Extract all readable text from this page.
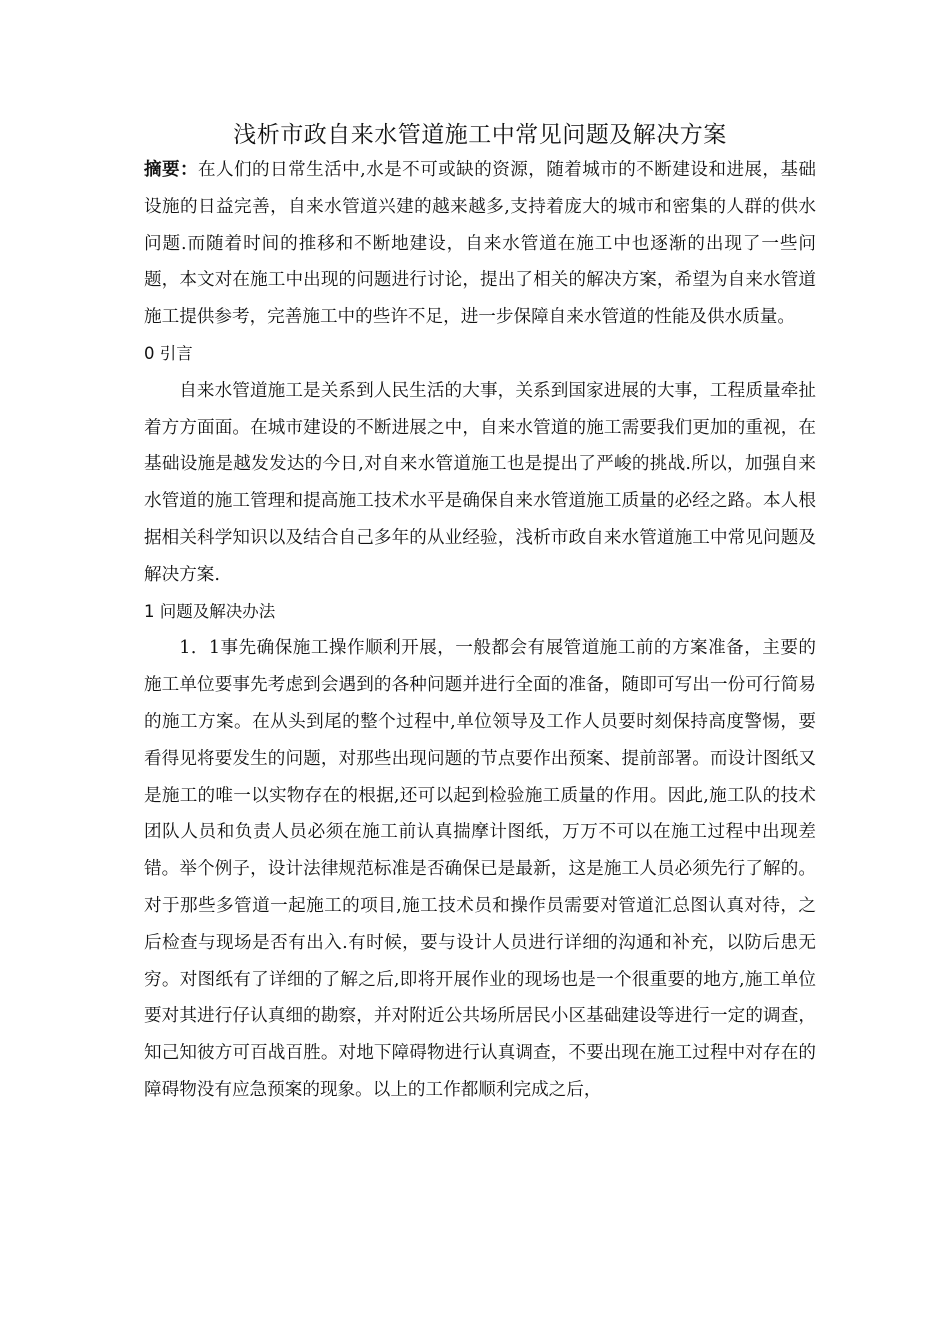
浅析市政自来水管道施工中常见问题及解决方案

摘要：在人们的日常生活中,水是不可或缺的资源，随着城市的不断建设和进展，基础设施的日益完善，自来水管道兴建的越来越多,支持着庞大的城市和密集的人群的供水问题.而随着时间的推移和不断地建设，自来水管道在施工中也逐渐的出现了一些问题，本文对在施工中出现的问题进行讨论，提出了相关的解决方案，希望为自来水管道施工提供参考，完善施工中的些许不足，进一步保障自来水管道的性能及供水质量。

0 引言

自来水管道施工是关系到人民生活的大事，关系到国家进展的大事，工程质量牵扯着方方面面。在城市建设的不断进展之中，自来水管道的施工需要我们更加的重视，在基础设施是越发发达的今日,对自来水管道施工也是提出了严峻的挑战.所以，加强自来水管道的施工管理和提高施工技术水平是确保自来水管道施工质量的必经之路。本人根据相关科学知识以及结合自己多年的从业经验，浅析市政自来水管道施工中常见问题及解决方案.

1 问题及解决办法

1．1事先确保施工操作顺利开展，一般都会有展管道施工前的方案准备，主要的施工单位要事先考虑到会遇到的各种问题并进行全面的准备，随即可写出一份可行简易的施工方案。在从头到尾的整个过程中,单位领导及工作人员要时刻保持高度警惕，要看得见将要发生的问题，对那些出现问题的节点要作出预案、提前部署。而设计图纸又是施工的唯一以实物存在的根据,还可以起到检验施工质量的作用。因此,施工队的技术团队人员和负责人员必须在施工前认真揣摩计图纸，万万不可以在施工过程中出现差错。举个例子，设计法律规范标准是否确保已是最新，这是施工人员必须先行了解的。对于那些多管道一起施工的项目,施工技术员和操作员需要对管道汇总图认真对待，之后检查与现场是否有出入.有时候，要与设计人员进行详细的沟通和补充，以防后患无穷。对图纸有了详细的了解之后,即将开展作业的现场也是一个很重要的地方,施工单位要对其进行仔认真细的勘察，并对附近公共场所居民小区基础建设等进行一定的调查，知己知彼方可百战百胜。对地下障碍物进行认真调查，不要出现在施工过程中对存在的障碍物没有应急预案的现象。以上的工作都顺利完成之后，
